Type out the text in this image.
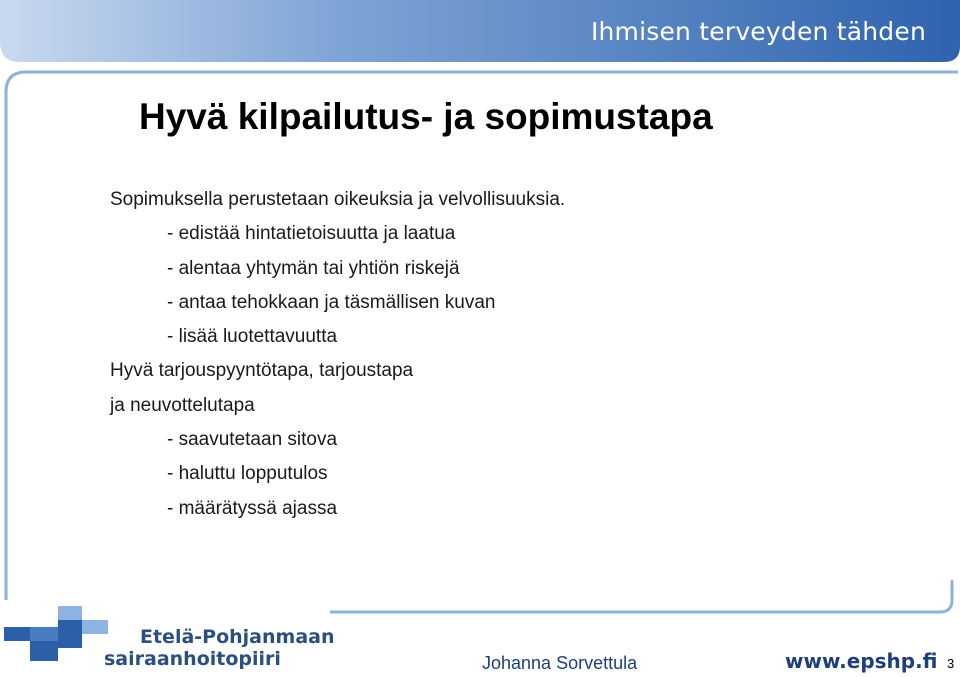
Ihmisen terveyden tähden
Hyvä kilpailutus- ja sopimustapa
Sopimuksella perustetaan oikeuksia ja velvollisuuksia.
- edistää hintatietoisuutta ja laatua
- alentaa yhtymän tai yhtiön riskejä
- antaa tehokkaan ja täsmällisen kuvan
- lisää luotettavuutta
Hyvä tarjouspyyntötapa, tarjoustapa
ja neuvottelutapa
- saavutetaan sitova
- haluttu lopputulos
- määrätyssä ajassa
Etelä-Pohjanmaan
sairaanhoitopiiri	Johanna Sorvettula	www.epshp.fi 3
